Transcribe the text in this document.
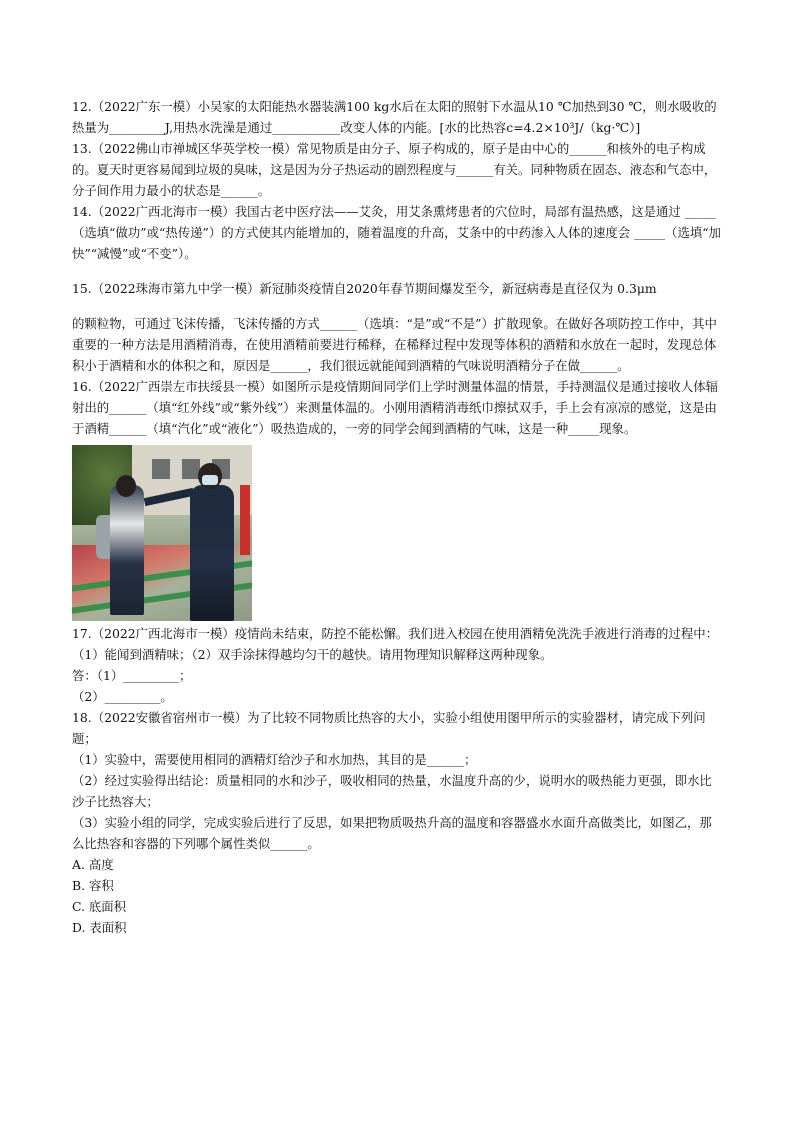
12.（2022广东一模）小吴家的太阳能热水器装满100 kg水后在太阳的照射下水温从10 ℃加热到30 ℃，则水吸收的热量为_________J,用热水洗澡是通过___________改变人体的内能。[水的比热容c=4.2×10³J/（kg·℃）]

13.（2022佛山市禅城区华英学校一模）常见物质是由分子、原子构成的，原子是由中心的______和核外的电子构成的。夏天时更容易闻到垃圾的臭味，这是因为分子热运动的剧烈程度与______有关。同种物质在固态、液态和气态中，分子间作用力最小的状态是______。

14.（2022广西北海市一模）我国古老中医疗法——艾灸，用艾条熏烤患者的穴位时，局部有温热感，这是通过 _____（选填“做功”或“热传递”）的方式使其内能增加的，随着温度的升高，艾条中的中药渗入人体的速度会 _____（选填“加快”“减慢”或“不变”）。

15.（2022珠海市第九中学一模）新冠肺炎疫情自2020年春节期间爆发至今，新冠病毒是直径仅为 0.3μm

的颗粒物，可通过飞沫传播，飞沫传播的方式______（选填：“是”或“不是”）扩散现象。在做好各项防控工作中，其中重要的一种方法是用酒精消毒，在使用酒精前要进行稀释，在稀释过程中发现等体积的酒精和水放在一起时，发现总体积小于酒精和水的体积之和，原因是______，我们很远就能闻到酒精的气味说明酒精分子在做______。

16.（2022广西崇左市扶绥县一模）如图所示是疫情期间同学们上学时测量体温的情景，手持测温仪是通过接收人体辐射出的______（填“红外线”或“紫外线”）来测量体温的。小刚用酒精消毒纸巾擦拭双手，手上会有凉凉的感觉，这是由于酒精______（填“汽化”或“液化”）吸热造成的，一旁的同学会闻到酒精的气味，这是一种_____现象。

17.（2022广西北海市一模）疫情尚未结束，防控不能松懈。我们进入校园在使用酒精免洗洗手液进行消毒的过程中：

（1）能闻到酒精味；（2）双手涂抹得越均匀干的越快。请用物理知识解释这两种现象。

答：（1）_________；

（2）_________。

18.（2022安徽省宿州市一模）为了比较不同物质比热容的大小，实验小组使用图甲所示的实验器材，请完成下列问题；

（1）实验中，需要使用相同的酒精灯给沙子和水加热，其目的是______；

（2）经过实验得出结论：质量相同的水和沙子，吸收相同的热量，水温度升高的少，说明水的吸热能力更强，即水比沙子比热容大；

（3）实验小组的同学，完成实验后进行了反思，如果把物质吸热升高的温度和容器盛水水面升高做类比，如图乙，那么比热容和容器的下列哪个属性类似______。

A. 高度

B. 容积

C. 底面积

D. 表面积
